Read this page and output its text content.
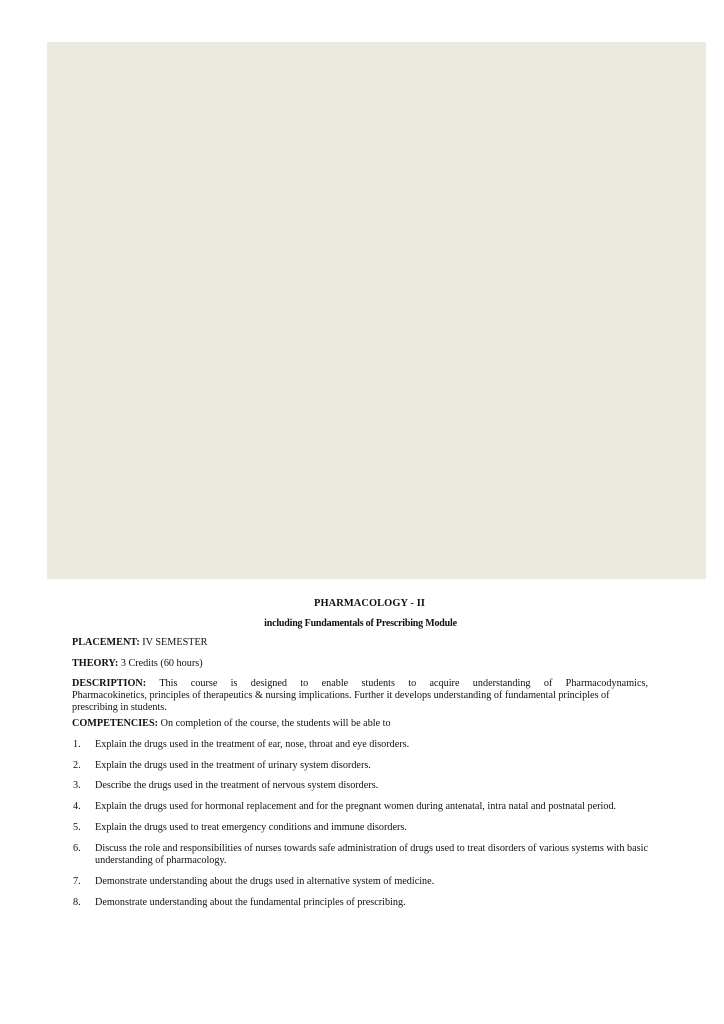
PHARMACOLOGY - II

including Fundamentals of Prescribing Module

PLACEMENT: IV SEMESTER

THEORY: 3 Credits (60 hours)

DESCRIPTION: This course is designed to enable students to acquire understanding of Pharmacodynamics,
Pharmacokinetics, principles of therapeutics & nursing implications. Further it develops understanding of fundamental principles of prescribing in students.

COMPETENCIES: On completion of the course, the students will be able to

1.	Explain the drugs used in the treatment of ear, nose, throat and eye disorders.
2.	Explain the drugs used in the treatment of urinary system disorders.
3.	Describe the drugs used in the treatment of nervous system disorders.
4.	Explain the drugs used for hormonal replacement and for the pregnant women during antenatal, intra natal and postnatal period.
5.	Explain the drugs used to treat emergency conditions and immune disorders.
6.	Discuss the role and responsibilities of nurses towards safe administration of drugs used to treat disorders of various systems with basic understanding of pharmacology.
7.	Demonstrate understanding about the drugs used in alternative system of medicine.
8.	Demonstrate understanding about the fundamental principles of prescribing.
